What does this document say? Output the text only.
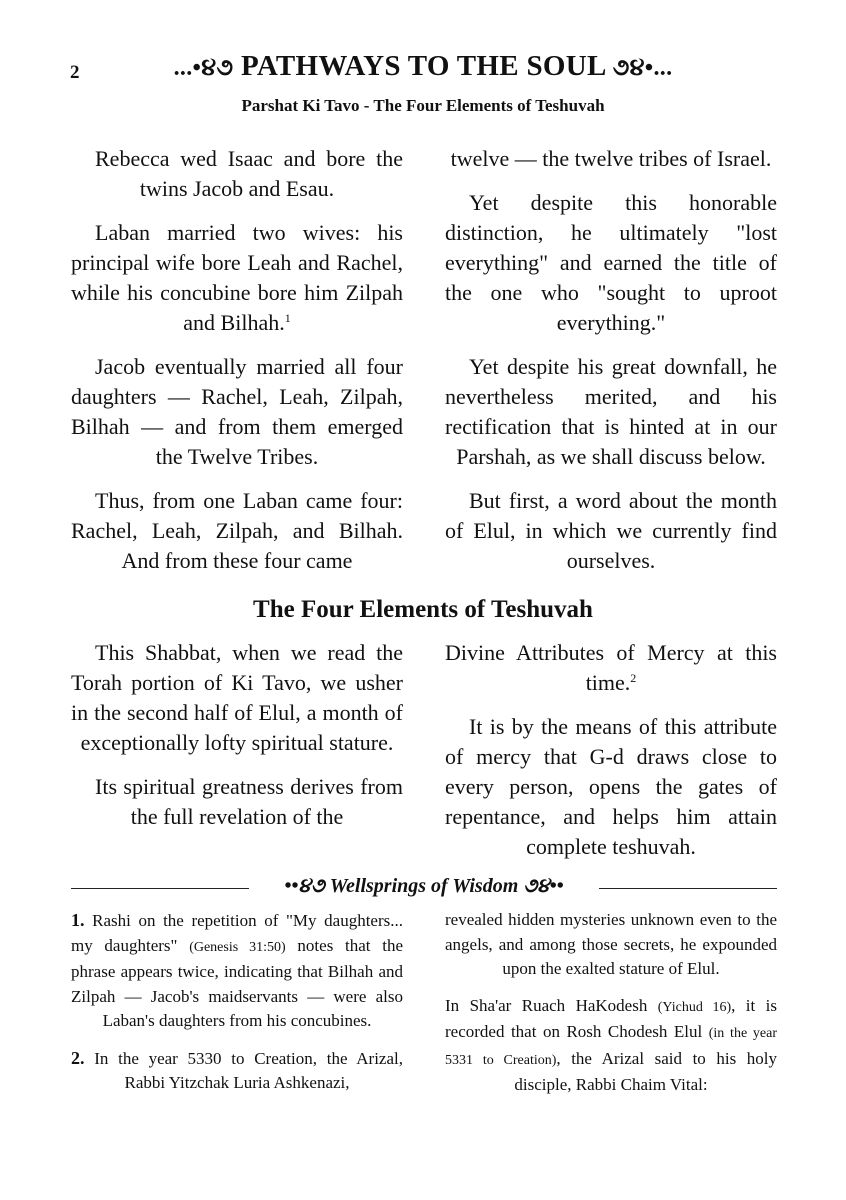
2	...•૪૭ PATHWAYS TO THE SOUL ૭૪•...
Parshat Ki Tavo - The Four Elements of Teshuvah

Rebecca wed Isaac and bore the twins Jacob and Esau.

Laban married two wives: his principal wife bore Leah and Rachel, while his concubine bore him Zilpah and Bilhah.$^1$

Jacob eventually married all four daughters — Rachel, Leah, Zilpah, Bilhah — and from them emerged the Twelve Tribes.

Thus, from one Laban came four: Rachel, Leah, Zilpah, and Bilhah. And from these four came

twelve — the twelve tribes of Israel.

Yet despite this honorable distinction, he ultimately "lost everything" and earned the title of the one who "sought to uproot everything."

Yet despite his great downfall, he nevertheless merited, and his rectification that is hinted at in our Parshah, as we shall discuss below.

But first, a word about the month of Elul, in which we currently find ourselves.

The Four Elements of Teshuvah

This Shabbat, when we read the Torah portion of Ki Tavo, we usher in the second half of Elul, a month of exceptionally lofty spiritual stature.

Its spiritual greatness derives from the full revelation of the

Divine Attributes of Mercy at this time.$^2$

It is by the means of this attribute of mercy that G-d draws close to every person, opens the gates of repentance, and helps him attain complete teshuvah.

••૪૭ Wellsprings of Wisdom ૭૪••

1. Rashi on the repetition of "My daughters... my daughters" (Genesis 31:50) notes that the phrase appears twice, indicating that Bilhah and Zilpah — Jacob's maidservants — were also Laban's daughters from his concubines.

2. In the year 5330 to Creation, the Arizal, Rabbi Yitzchak Luria Ashkenazi,

revealed hidden mysteries unknown even to the angels, and among those secrets, he expounded upon the exalted stature of Elul.

In Sha'ar Ruach HaKodesh (Yichud 16), it is recorded that on Rosh Chodesh Elul (in the year 5331 to Creation), the Arizal said to his holy disciple, Rabbi Chaim Vital:
